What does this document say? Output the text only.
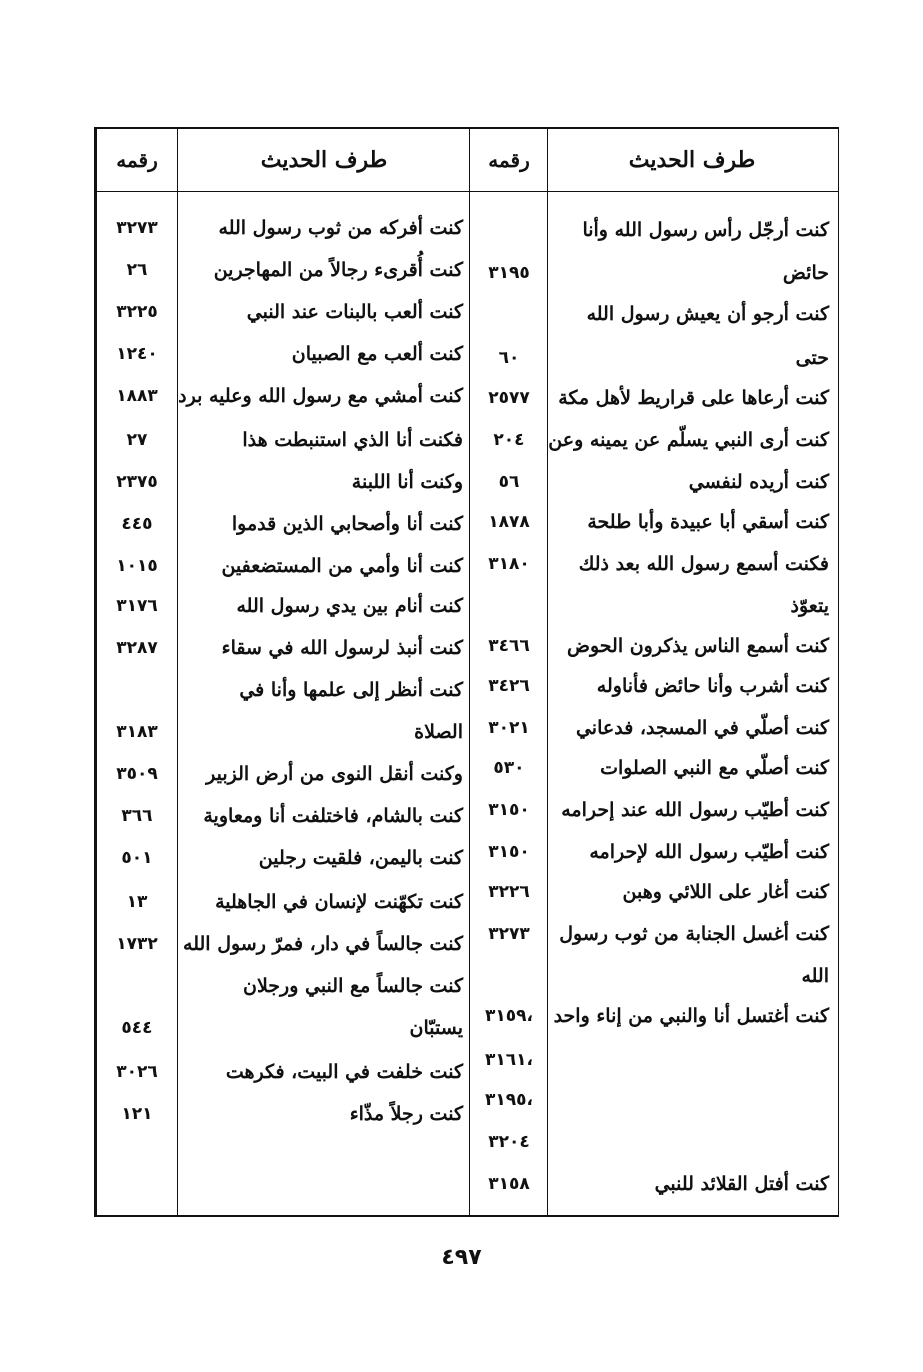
طرف الحديث
رقمه
طرف الحديث
رقمه
كنت أرجّل رأس رسول الله وأنا
حائض
٣١٩٥
كنت أرجو أن يعيش رسول الله
حتى
٦٠
كنت أرعاها على قراريط لأهل مكة
٢٥٧٧
كنت أرى النبي يسلّم عن يمينه وعن
٢٠٤
كنت أريده لنفسي
٥٦
كنت أسقي أبا عبيدة وأبا طلحة
١٨٧٨
فكنت أسمع رسول الله بعد ذلك
٣١٨٠
يتعوّذ
كنت أسمع الناس يذكرون الحوض
٣٤٦٦
كنت أشرب وأنا حائض فأناوله
٣٤٢٦
كنت أصلّي في المسجد، فدعاني
٣٠٢١
كنت أصلّي مع النبي الصلوات
٥٣٠
كنت أطيّب رسول الله عند إحرامه
٣١٥٠
كنت أطيّب رسول الله لإحرامه
٣١٥٠
كنت أغار على اللائي وهبن
٣٢٢٦
كنت أغسل الجنابة من ثوب رسول
٣٢٧٣
الله
كنت أغتسل أنا والنبي من إناء واحد
،٣١٥٩
،٣١٦١
،٣١٩٥
٣٢٠٤
كنت أفتل القلائد للنبي
٣١٥٨
كنت أفركه من ثوب رسول الله
٣٢٧٣
كنت أُقرىء رجالاً من المهاجرين
٢٦
كنت ألعب بالبنات عند النبي
٣٢٢٥
كنت ألعب مع الصبيان
١٢٤٠
كنت أمشي مع رسول الله وعليه برد
١٨٨٣
فكنت أنا الذي استنبطت هذا
٢٧
وكنت أنا اللبنة
٢٣٧٥
كنت أنا وأصحابي الذين قدموا
٤٤٥
كنت أنا وأمي من المستضعفين
١٠١٥
كنت أنام بين يدي رسول الله
٣١٧٦
كنت أنبذ لرسول الله في سقاء
٣٢٨٧
كنت أنظر إلى علمها وأنا في
الصلاة
٣١٨٣
وكنت أنقل النوى من أرض الزبير
٣٥٠٩
كنت بالشام، فاختلفت أنا ومعاوية
٣٦٦
كنت باليمن، فلقيت رجلين
٥٠١
كنت تكهّنت لإنسان في الجاهلية
١٣
كنت جالساً في دار، فمرّ رسول الله
١٧٣٢
كنت جالساً مع النبي ورجلان
يستبّان
٥٤٤
كنت خلفت في البيت، فكرهت
٣٠٢٦
كنت رجلاً مذّاء
١٢١
٤٩٧
